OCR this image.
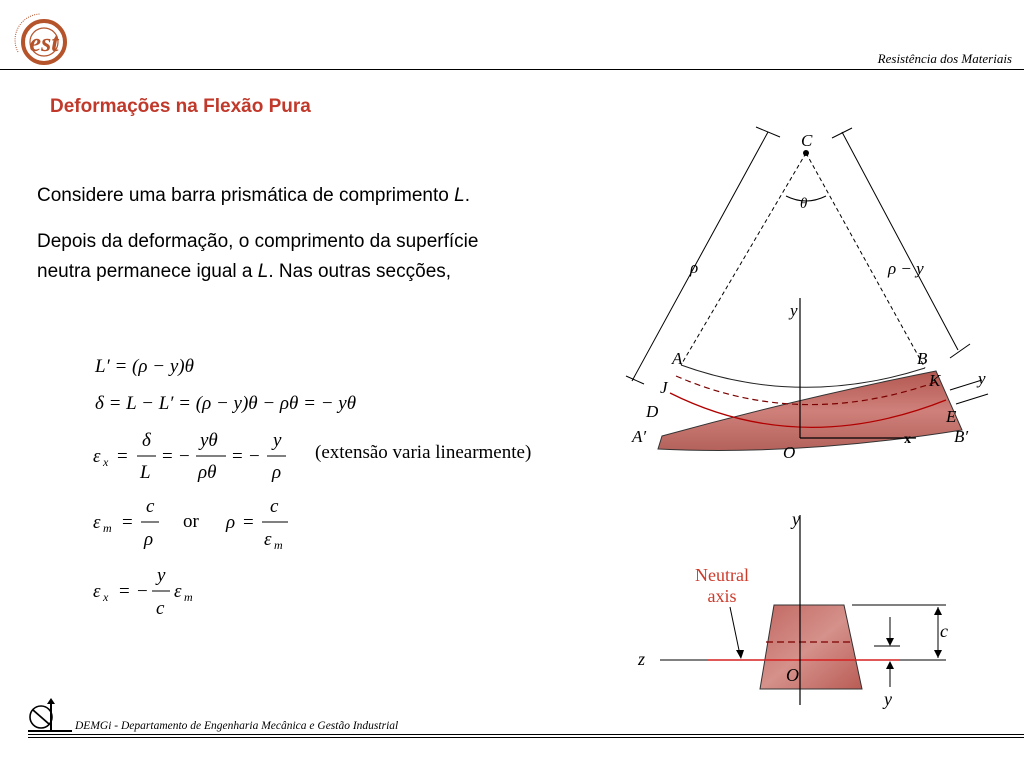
est
Resistência dos Materiais
Deformações na Flexão Pura
Considere uma barra prismática de comprimento L.
Depois da deformação, o comprimento da superfície
neutra permanece igual a L. Nas outras secções,
L′ = (ρ − y)θ
δ = L − L′ = (ρ − y)θ − ρθ = − yθ
ε x =
δ
L
= −
yθ
ρθ
= −
y
ρ
(extensão varia linearmente)
ε m =
c
ρ
ρ =
c
ε m
or
ε x = −
y
c
ε m
C
θ
ρ	ρ − y
y
A	B
J	K
D	E
A′	B′
O
x
y
Neutral
axis
y
z
O
c
y
DEMGi - Departamento de Engenharia Mecânica e Gestão Industrial
